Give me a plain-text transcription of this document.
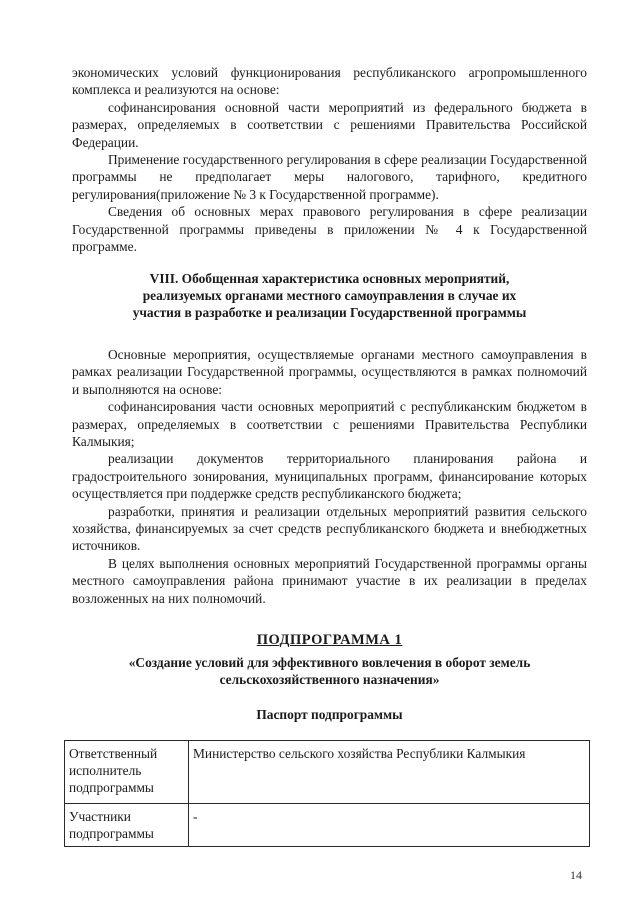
экономических условий функционирования республиканского агропромышленного комплекса и реализуются на основе:

софинансирования основной части мероприятий из федерального бюджета в размерах, определяемых в соответствии с решениями Правительства Российской Федерации.

Применение государственного регулирования в сфере реализации Государственной программы не предполагает меры налогового, тарифного, кредитного регулирования(приложение № 3 к Государственной программе).

Сведения об основных мерах правового регулирования в сфере реализации Государственной программы приведены в приложении № 4 к Государственной программе.

VIII. Обобщенная характеристика основных мероприятий,
реализуемых органами местного самоуправления в случае их
участия в разработке и реализации Государственной программы

Основные мероприятия, осуществляемые органами местного самоуправления в рамках реализации Государственной программы, осуществляются в рамках полномочий и выполняются на основе:

софинансирования части основных мероприятий с республиканским бюджетом в размерах, определяемых в соответствии с решениями Правительства Республики Калмыкия;

реализации документов территориального планирования района и градостроительного зонирования, муниципальных программ, финансирование которых осуществляется при поддержке средств республиканского бюджета;

разработки, принятия и реализации отдельных мероприятий развития сельского хозяйства, финансируемых за счет средств республиканского бюджета и внебюджетных источников.

В целях выполнения основных мероприятий Государственной программы органы местного самоуправления района принимают участие в их реализации в пределах возложенных на них полномочий.

ПОДПРОГРАММА 1
«Создание условий для эффективного вовлечения в оборот земель
сельскохозяйственного назначения»
Паспорт подпрограммы
Ответственный исполнитель подпрограммы	Министерство сельского хозяйства Республики Калмыкия
Участники подпрограммы	-
14
